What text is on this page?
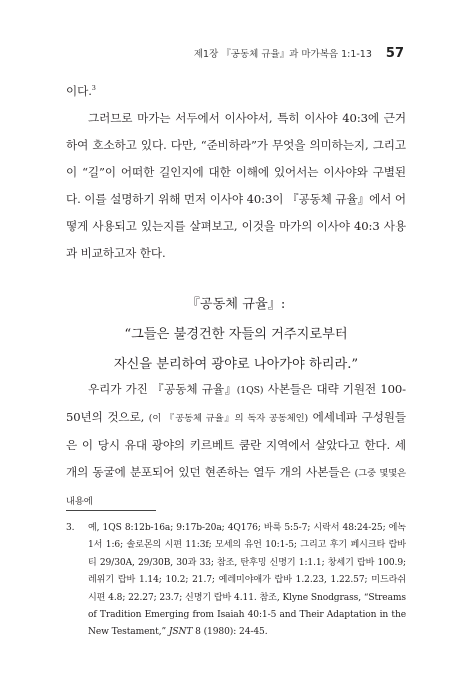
제1장 『공동체 규율』과 마가복음 1:1-13 57

이다.$^3$

그러므로 마가는 서두에서 이사야서, 특히 이사야 40:3에 근거하여 호소하고 있다. 다만, “준비하라”가 무엇을 의미하는지, 그리고 이 “길”이 어떠한 길인지에 대한 이해에 있어서는 이사야와 구별된다. 이를 설명하기 위해 먼저 이사야 40:3이 『공동체 규율』에서 어떻게 사용되고 있는지를 살펴보고, 이것을 마가의 이사야 40:3 사용과 비교하고자 한다.

『공동체 규율』:
“그들은 불경건한 자들의 거주지로부터
자신을 분리하여 광야로 나아가야 하리라.”

우리가 가진 『공동체 규율』(1QS) 사본들은 대략 기원전 100-50년의 것으로, (이 『공동체 규율』의 독자 공동체인) 에세네파 구성원들은 이 당시 유대 광야의 키르베트 쿰란 지역에서 살았다고 한다. 세 개의 동굴에 분포되어 있던 현존하는 열두 개의 사본들은 (그중 몇몇은 내용에

3.	예, 1QS 8:12b-16a; 9:17b-20a; 4Q176; 바룩 5:5-7; 시락서 48:24-25; 에녹1서 1:6; 솔로몬의 시편 11:3f; 모세의 유언 10:1-5; 그리고 후기 페시크타 랍바티 29/30A, 29/30B, 30과 33; 참조, 탄후밍 신명기 1:1.1; 창세기 랍바 100.9; 레위기 랍바 1.14; 10.2; 21.7; 예레미야애가 랍바 1.2.23, 1.22.57; 미드라쉬 시편 4.8; 22.27; 23.7; 신명기 랍바 4.11. 참조, Klyne Snodgrass, “Streams of Tradition Emerging from Isaiah 40:1-5 and Their Adaptation in the New Testament,” JSNT 8 (1980): 24-45.
